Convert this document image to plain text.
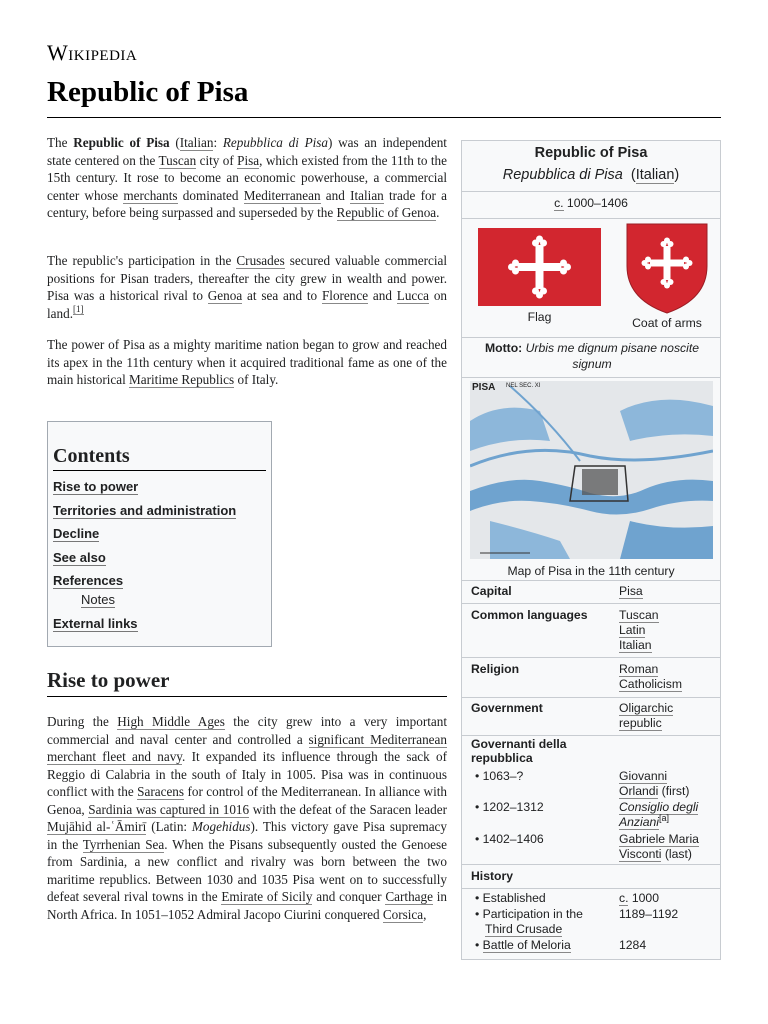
Wikipedia
Republic of Pisa

The Republic of Pisa (Italian: Repubblica di Pisa) was an independent state centered on the Tuscan city of Pisa, which existed from the 11th to the 15th century. It rose to become an economic powerhouse, a commercial center whose merchants dominated Mediterranean and Italian trade for a century, before being surpassed and superseded by the Republic of Genoa.

The republic's participation in the Crusades secured valuable commercial positions for Pisan traders, thereafter the city grew in wealth and power. Pisa was a historical rival to Genoa at sea and to Florence and Lucca on land.[1]

The power of Pisa as a mighty maritime nation began to grow and reached its apex in the 11th century when it acquired traditional fame as one of the main historical Maritime Republics of Italy.

Contents
Rise to power
Territories and administration
Decline
See also
References
Notes
External links
Rise to power

During the High Middle Ages the city grew into a very important commercial and naval center and controlled a significant Mediterranean merchant fleet and navy. It expanded its influence through the sack of Reggio di Calabria in the south of Italy in 1005. Pisa was in continuous conflict with the Saracens for control of the Mediterranean. In alliance with Genoa, Sardinia was captured in 1016 with the defeat of the Saracen leader Mujāhid al-ʿĀmirī (Latin: Mogehidus). This victory gave Pisa supremacy in the Tyrrhenian Sea. When the Pisans subsequently ousted the Genoese from Sardinia, a new conflict and rivalry was born between the two maritime republics. Between 1030 and 1035 Pisa went on to successfully defeat several rival towns in the Emirate of Sicily and conquer Carthage in North Africa. In 1051–1052 Admiral Jacopo Ciurini conquered Corsica,

Republic of Pisa
Repubblica di Pisa  (Italian)
c. 1000–1406
Flag	Coat of arms
Motto: Urbis me dignum pisane noscite signum
PISA NEL SEC. XI
Map of Pisa in the 11th century
Capital	Pisa
Common languages	Tuscan
Latin
Italian
Religion	Roman
Catholicism
Government	Oligarchic
republic
Governanti della repubblica
• 1063–?	Giovanni
Orlandi (first)
• 1202–1312	Consiglio degli
Anziani[a]
• 1402–1406	Gabriele Maria
Visconti (last)
History
• Established	c. 1000
• Participation in the Third Crusade
1189–1192
• Battle of Meloria	1284
